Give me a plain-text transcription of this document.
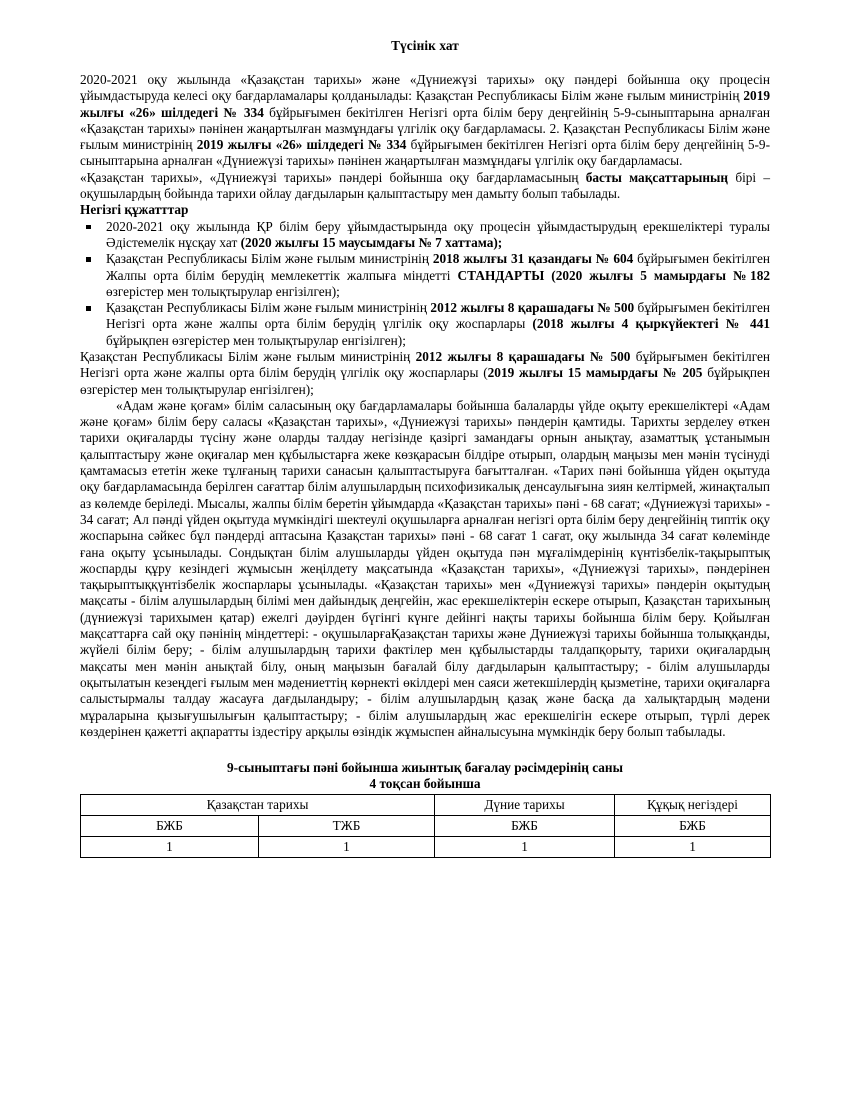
Түсінік хат

2020-2021 оқу жылында «Қазақстан тарихы» және «Дүниежүзі тарихы» оқу пәндері бойынша оқу процесін ұйымдастыруда келесі оқу бағдарламалары қолданылады: Қазақстан Республикасы Білім және ғылым министрінің 2019 жылғы «26» шілдедегі № 334 бұйрығымен бекітілген Негізгі орта білім беру деңгейінің 5-9-сыныптарына арналған «Қазақстан тарихы» пәнінен жаңартылған мазмұндағы үлгілік оқу бағдарламасы. 2. Қазақстан Республикасы Білім және ғылым министрінің 2019 жылғы «26» шілдедегі № 334 бұйрығымен бекітілген Негізгі орта білім беру деңгейінің 5-9-сыныптарына арналған «Дүниежүзі тарихы» пәнінен жаңартылған мазмұндағы үлгілік оқу бағдарламасы.

«Қазақстан тарихы», «Дүниежүзі тарихы» пәндері бойынша оқу бағдарламасының басты мақсаттарының бірі – оқушылардың бойында тарихи ойлау дағдыларын қалыптастыру мен дамыту болып табылады.

Негізгі құжатттар
2020-2021 оқу жылында ҚР білім беру ұйымдастырында оқу процесін ұйымдастырудың ерекшеліктері туралы Әдістемелік нұсқау хат (2020 жылғы 15 маусымдағы № 7 хаттама);
Қазақстан Республикасы Білім және ғылым министрінің 2018 жылғы 31 қазандағы № 604 бұйрығымен бекітілген Жалпы орта білім берудің мемлекеттік жалпыға міндетті СТАНДАРТЫ (2020 жылғы 5 мамырдағы №182 өзгерістер мен толықтырулар енгізілген);
Қазақстан Республикасы Білім және ғылым министрінің 2012 жылғы 8 қарашадағы № 500 бұйрығымен бекітілген Негізгі орта және жалпы орта білім берудің үлгілік оқу жоспарлары (2018 жылғы 4 қыркүйектегі № 441 бұйрықпен өзгерістер мен толықтырулар енгізілген);

Қазақстан Республикасы Білім және ғылым министрінің 2012 жылғы 8 қарашадағы № 500 бұйрығымен бекітілген Негізгі орта және жалпы орта білім берудің үлгілік оқу жоспарлары (2019 жылғы 15 мамырдағы № 205 бұйрықпен өзгерістер мен толықтырулар енгізілген);

«Адам және қоғам» білім саласының оқу бағдарламалары бойынша балаларды үйде оқыту ерекшеліктері «Адам және қоғам» білім беру саласы «Қазақстан тарихы», «Дүниежүзі тарихы» пәндерін қамтиды. Тарихты зерделеу өткен тарихи оқиғаларды түсіну және оларды талдау негізінде қазіргі замандағы орнын анықтау, азаматтық ұстанымын қалыптастыру және оқиғалар мен құбылыстарға жеке көзқарасын білдіре отырып, олардың маңызы мен мәнін түсінуді қамтамасыз ететін жеке тұлғаның тарихи санасын қалыптастыруға бағытталған. «Тарих пәні бойынша үйден оқытуда оқу бағдарламасында берілген сағаттар білім алушылардың психофизикалық денсаулығына зиян келтірмей, жинақталып аз көлемде беріледі. Мысалы, жалпы білім беретін ұйымдарда «Қазақстан тарихы» пәні - 68 сағат; «Дүниежүзі тарихы» - 34 сағат; Ал пәнді үйден оқытуда мүмкіндігі шектеулі оқушыларға арналған негізгі орта білім беру деңгейінің типтік оқу жоспарына сәйкес бұл пәндерді аптасына Қазақстан тарихы» пәні - 68 сағат 1 сағат, оқу жылында 34 сағат көлемінде ғана оқыту ұсынылады. Сондықтан білім алушыларды үйден оқытуда пән мұғалімдерінің күнтізбелік-тақырыптық жоспарды құру кезіндегі жұмысын жеңілдету мақсатында «Қазақстан тарихы», «Дүниежүзі тарихы», пәндерінен тақырыптыққүнтізбелік жоспарлары ұсынылады. «Қазақстан тарихы» мен «Дүниежүзі тарихы» пәндерін оқытудың мақсаты - білім алушылардың білімі мен дайындық деңгейін, жас ерекшеліктерін ескере отырып, Қазақстан тарихының (дүниежүзі тарихымен қатар) ежелгі дәуірден бүгінгі күнге дейінгі нақты тарихы бойынша білім беру. Қойылған мақсаттарға сай оқу пәнінің міндеттері: - оқушыларғаҚазақстан тарихы және Дүниежүзі тарихы бойынша толыққанды, жүйелі білім беру; - білім алушылардың тарихи фактілер мен құбылыстарды талдапқорыту, тарихи оқиғалардың мақсаты мен мәнін анықтай білу, оның маңызын бағалай білу дағдыларын қалыптастыру; - білім алушыларды оқытылатын кезеңдегі ғылым мен мәдениеттің көрнекті өкілдері мен саяси жетекшілердің қызметіне, тарихи оқиғаларға салыстырмалы талдау жасауға дағдыландыру; - білім алушылардың қазақ және басқа да халықтардың мәдени мұраларына қызығушылығын қалыптастыру; - білім алушылардың жас ерекшелігін ескере отырып, түрлі дерек көздерінен қажетті ақпаратты іздестіру арқылы өзіндік жұмыспен айналысуына мүмкіндік беру болып табылады.

9-сыныптағы пәні бойынша жиынтық бағалау рәсімдерінің саны
4 тоқсан бойынша
Қазақстан тарихы		Дүние тарихы	Құқық негіздері
БЖБ	ТЖБ	БЖБ	БЖБ
1	1	1	1
